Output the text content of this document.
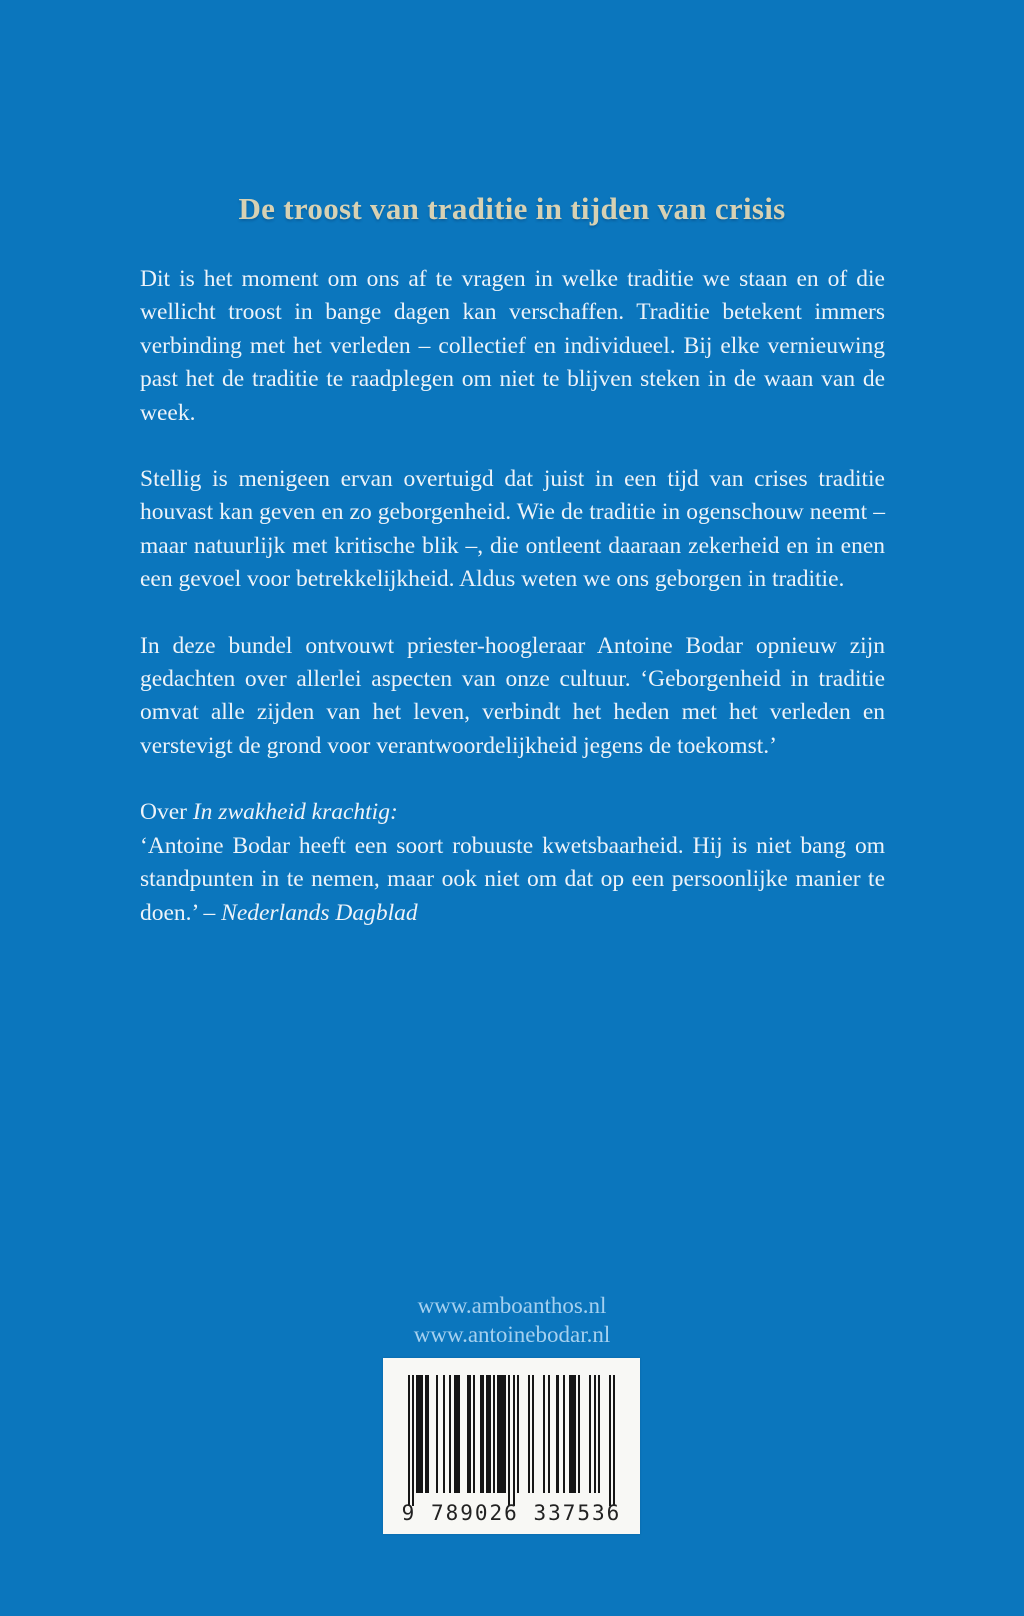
De troost van traditie in tijden van crisis

Dit is het moment om ons af te vragen in welke traditie we staan en of die wellicht troost in bange dagen kan verschaffen. Traditie betekent immers verbinding met het verleden – collectief en individueel. Bij elke vernieuwing past het de traditie te raadplegen om niet te blijven steken in de waan van de week.

Stellig is menigeen ervan overtuigd dat juist in een tijd van crises traditie houvast kan geven en zo geborgenheid. Wie de traditie in ogenschouw neemt – maar natuurlijk met kritische blik –, die ontleent daaraan zekerheid en in enen een gevoel voor betrekkelijkheid. Aldus weten we ons geborgen in traditie.

In deze bundel ontvouwt priester-hoogleraar Antoine Bodar opnieuw zijn gedachten over allerlei aspecten van onze cultuur. ‘Geborgenheid in traditie omvat alle zijden van het leven, verbindt het heden met het verleden en verstevigt de grond voor verantwoordelijkheid jegens de toekomst.’

Over In zwakheid krachtig:
‘Antoine Bodar heeft een soort robuuste kwetsbaarheid. Hij is niet bang om standpunten in te nemen, maar ook niet om dat op een persoonlijke manier te doen.’ – Nederlands Dagblad

www.amboanthos.nl
www.antoinebodar.nl
9 789026 337536
